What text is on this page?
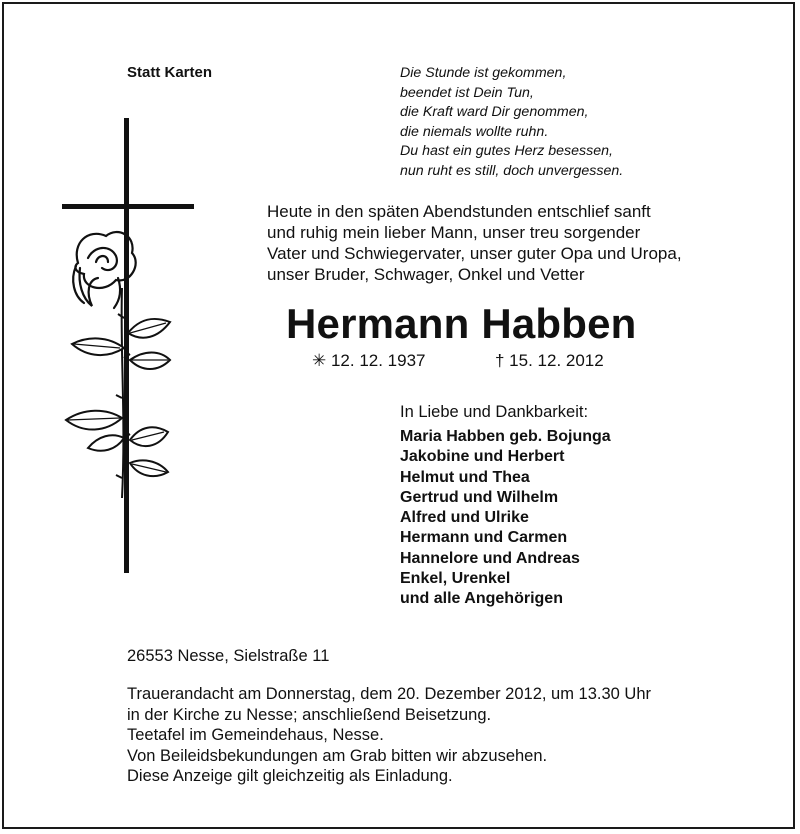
Statt Karten	Die Stunde ist gekommen,
beendet ist Dein Tun,
die Kraft ward Dir genommen,
die niemals wollte ruhn.
Du hast ein gutes Herz besessen,
nun ruht es still, doch unvergessen.
Heute in den späten Abendstunden entschlief sanft
und ruhig mein lieber Mann, unser treu sorgender
Vater und Schwiegervater, unser guter Opa und Uropa,
unser Bruder, Schwager, Onkel und Vetter

Hermann Habben

✳ 12. 12. 1937	† 15. 12. 2012

In Liebe und Dankbarkeit:

Maria Habben geb. Bojunga
Jakobine und Herbert
Helmut und Thea
Gertrud und Wilhelm
Alfred und Ulrike
Hermann und Carmen
Hannelore und Andreas
Enkel, Urenkel
und alle Angehörigen

26553 Nesse, Sielstraße 11

Trauerandacht am Donnerstag, dem 20. Dezember 2012, um 13.30 Uhr
in der Kirche zu Nesse; anschließend Beisetzung.
Teetafel im Gemeindehaus, Nesse.
Von Beileidsbekundungen am Grab bitten wir abzusehen.
Diese Anzeige gilt gleichzeitig als Einladung.
